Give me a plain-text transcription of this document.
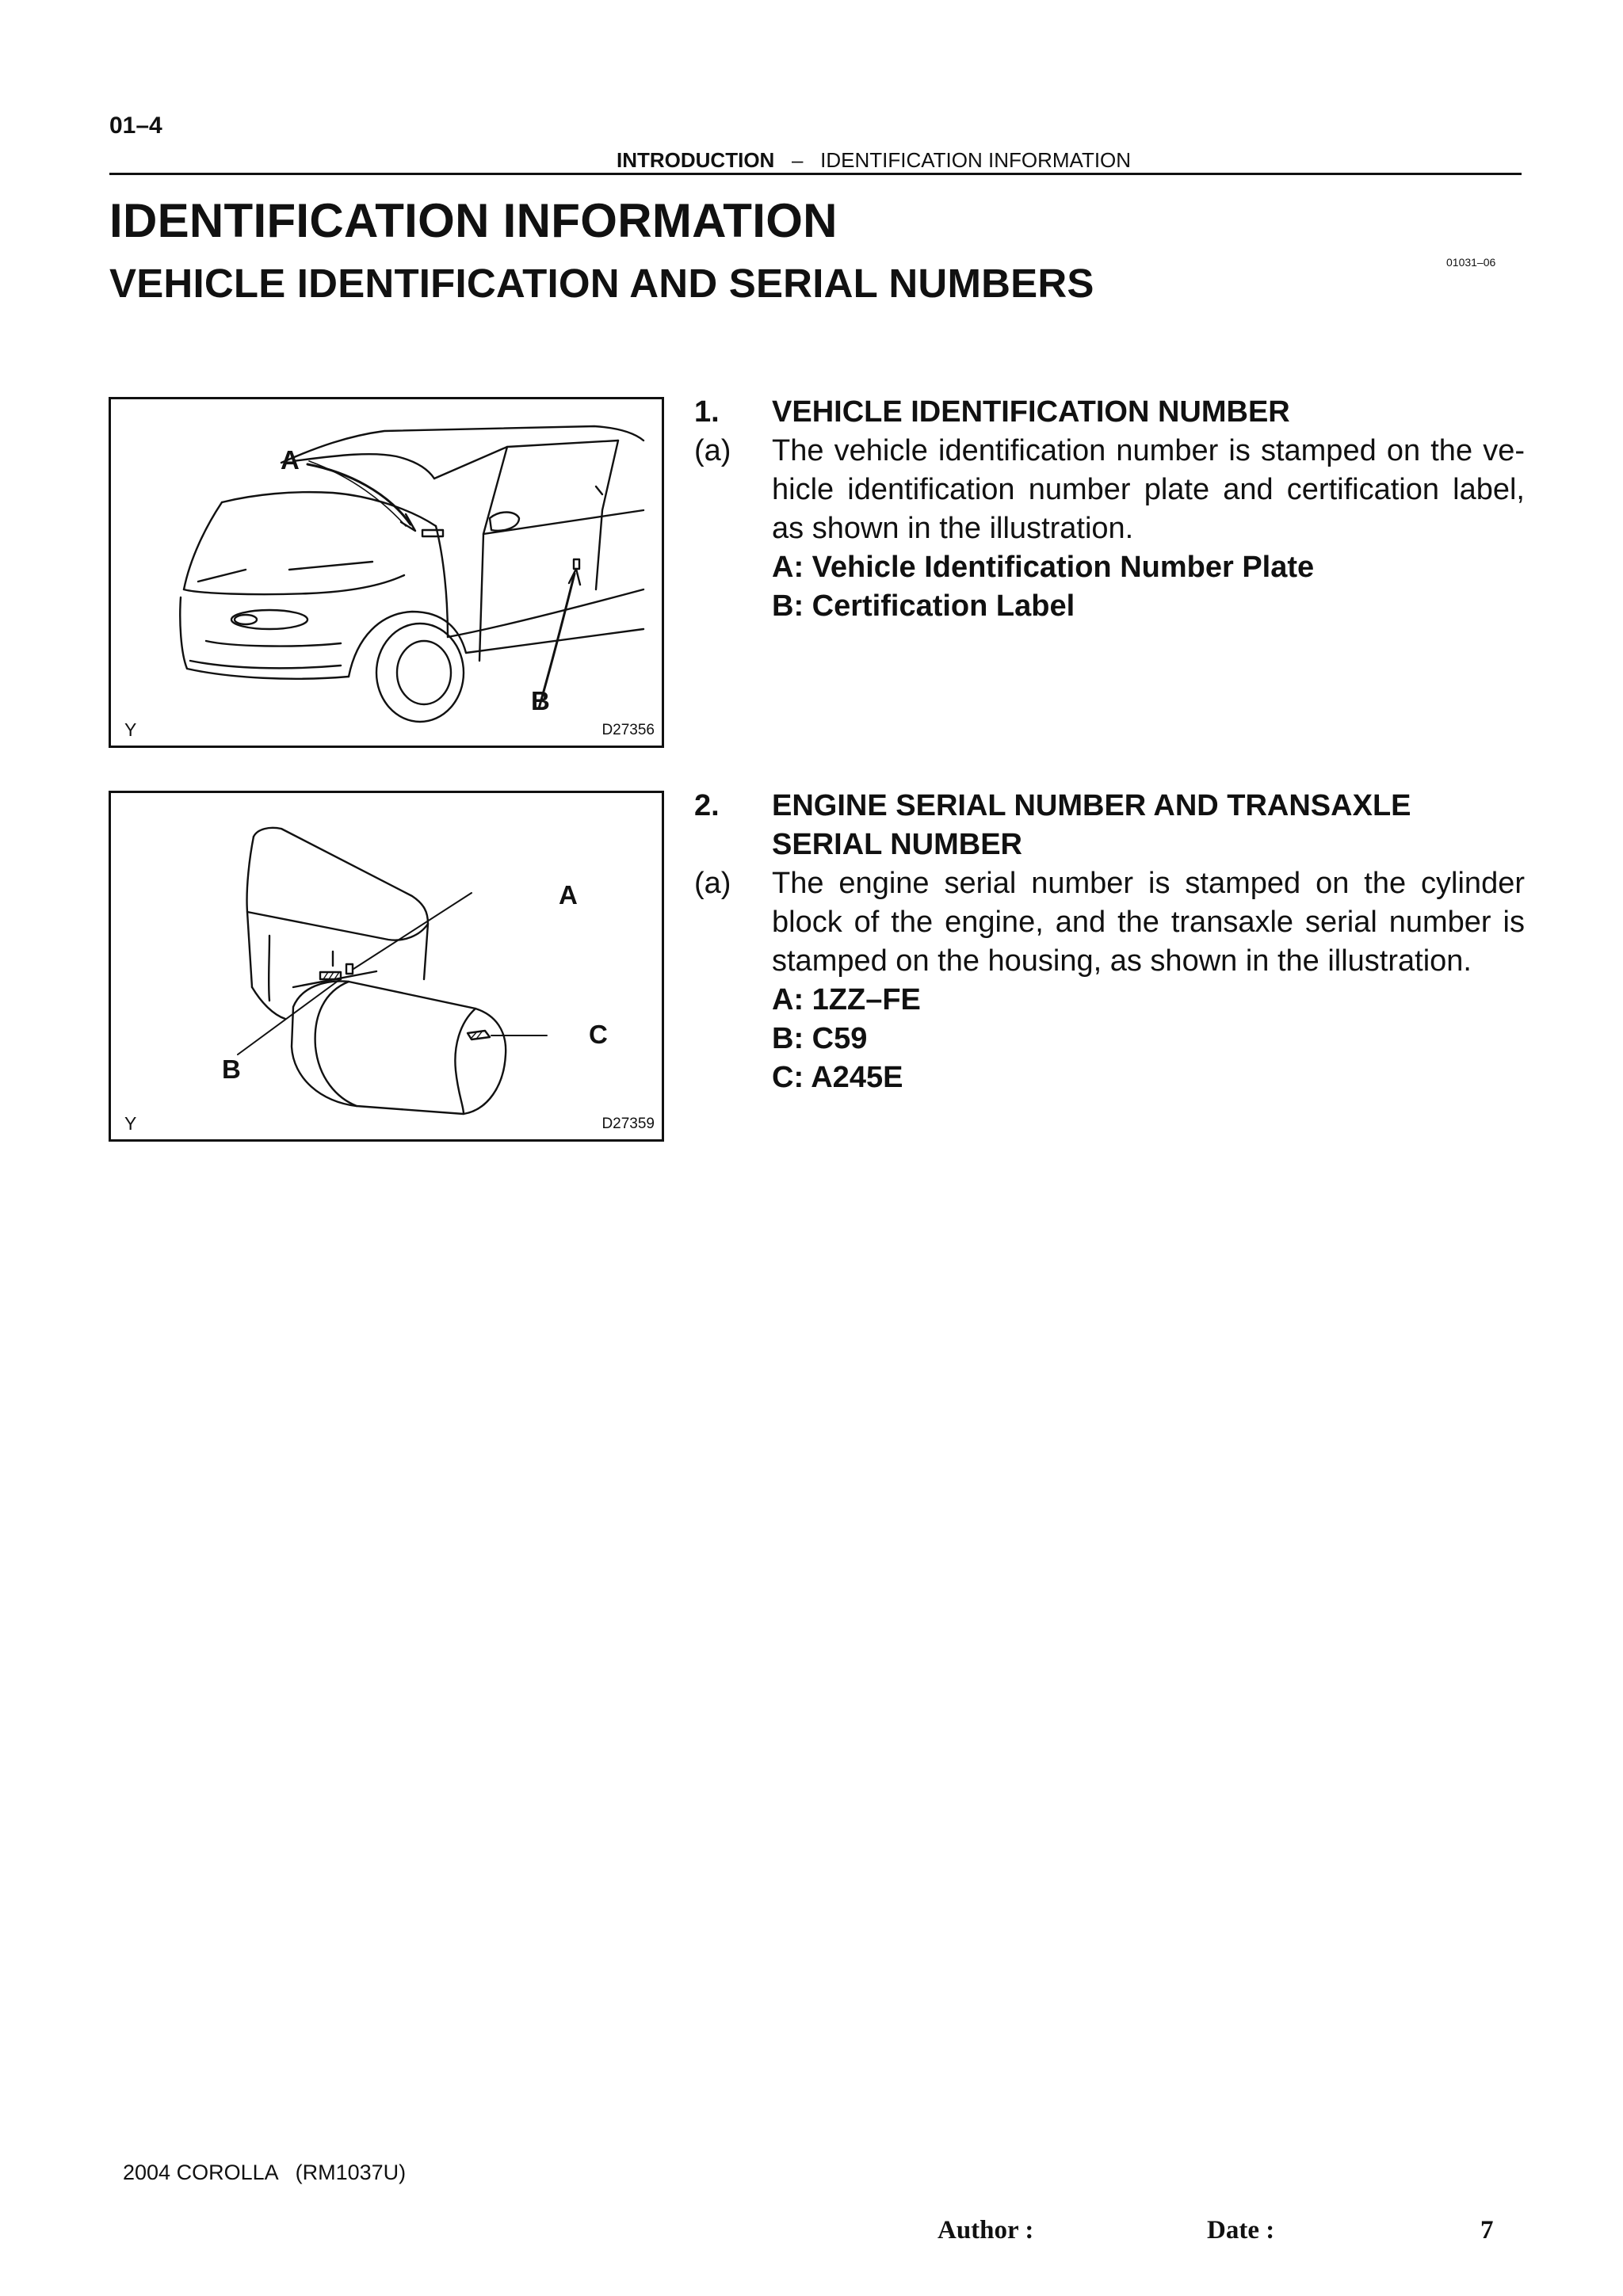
01–4
INTRODUCTION – IDENTIFICATION INFORMATION
IDENTIFICATION INFORMATION
VEHICLE IDENTIFICATION AND SERIAL NUMBERS	01031–06
A
B
Y	D27356
A
B
C
Y	D27359
1.	VEHICLE IDENTIFICATION NUMBER
(a)	The vehicle identification number is stamped on the ve- hicle identification number plate and certification label, as shown in the illustration.
A: Vehicle Identification Number Plate
B: Certification Label
2.	ENGINE SERIAL NUMBER AND TRANSAXLE SERIAL NUMBER
(a)	The engine serial number is stamped on the cylinder block of the engine, and the transaxle serial number is stamped on the housing, as shown in the illustration.
A: 1ZZ–FE
B: C59
C: A245E
2004 COROLLA   (RM1037U)
Author :	Date :	7
